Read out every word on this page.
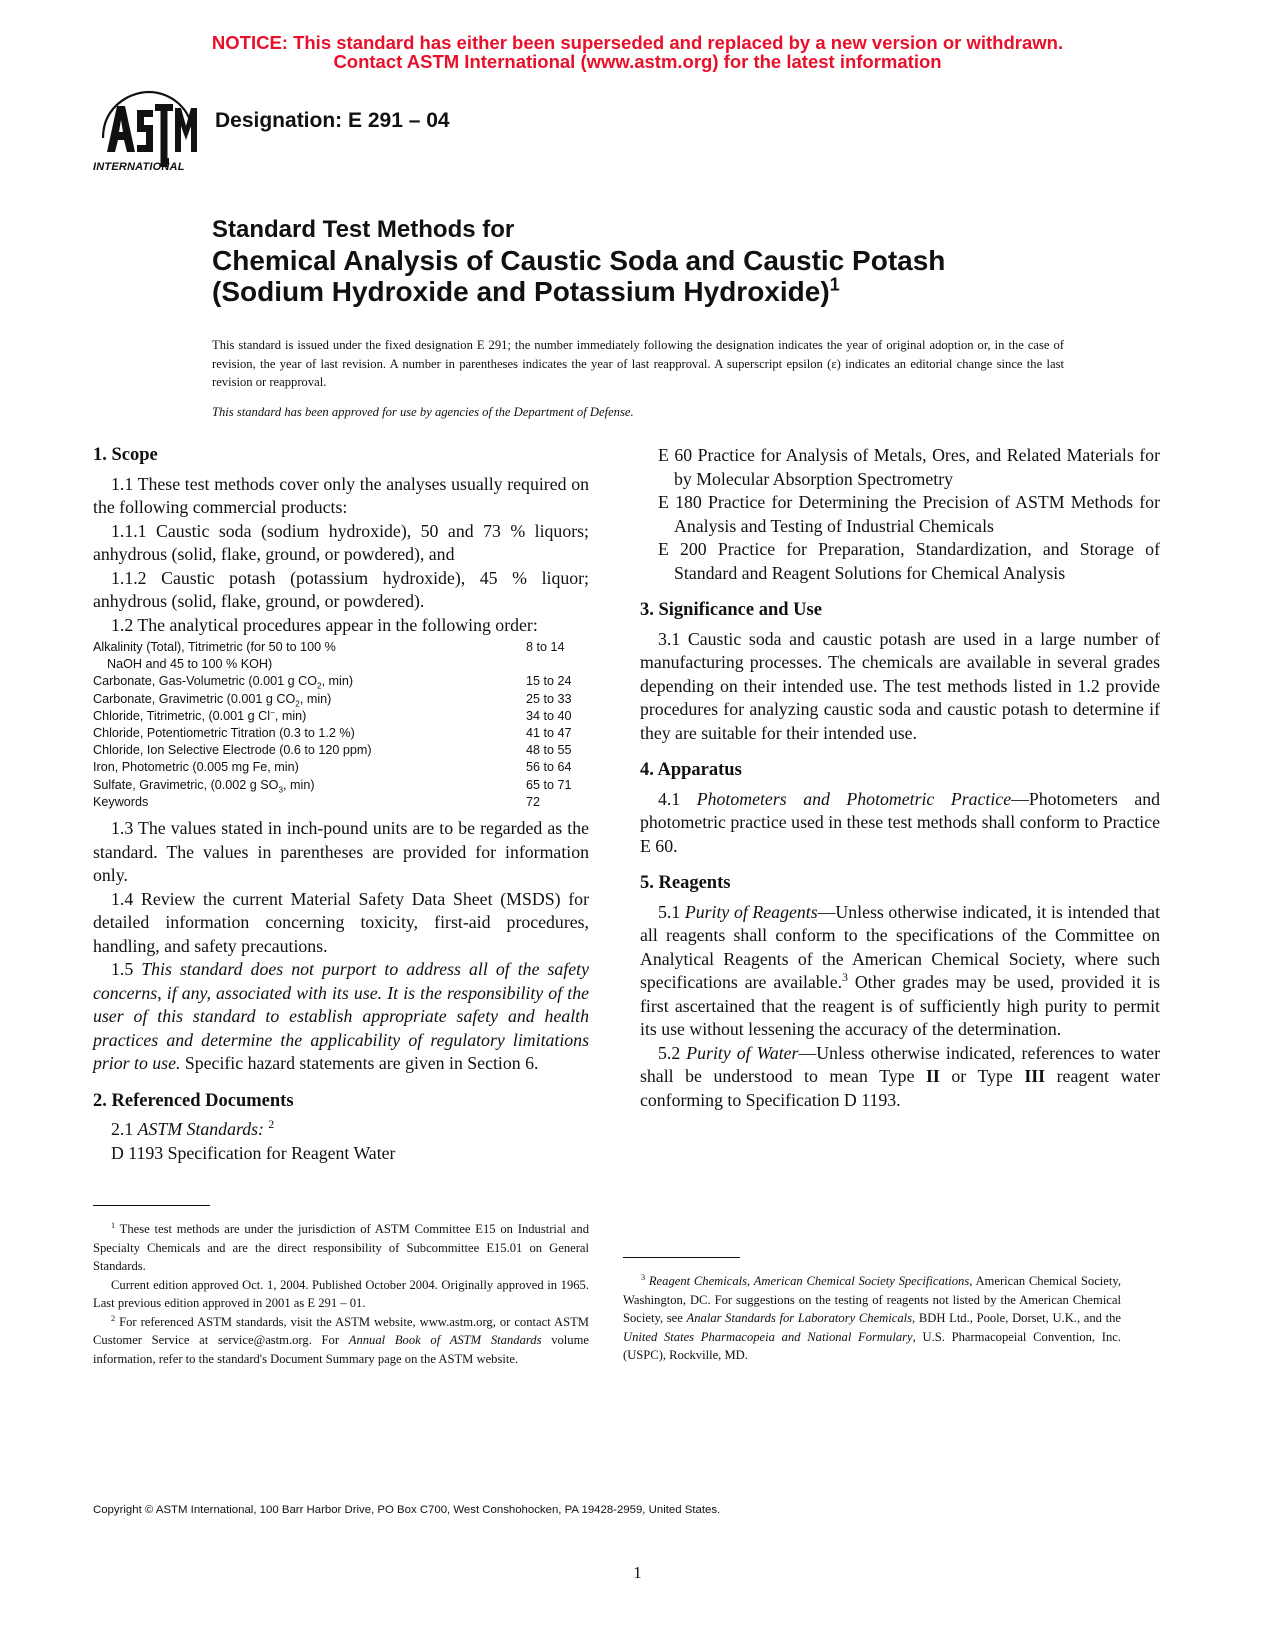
NOTICE: This standard has either been superseded and replaced by a new version or withdrawn.
Contact ASTM International (www.astm.org) for the latest information
INTERNATIONAL
Designation: E 291 – 04
Standard Test Methods for
Chemical Analysis of Caustic Soda and Caustic Potash
(Sodium Hydroxide and Potassium Hydroxide)$^1$
This standard is issued under the fixed designation E 291; the number immediately following the designation indicates the year of original adoption or, in the case of revision, the year of last revision. A number in parentheses indicates the year of last reapproval. A superscript epsilon (ε) indicates an editorial change since the last revision or reapproval.
This standard has been approved for use by agencies of the Department of Defense.

1. Scope

1.1 These test methods cover only the analyses usually required on the following commercial products:

1.1.1 Caustic soda (sodium hydroxide), 50 and 73 % liquors; anhydrous (solid, flake, ground, or powdered), and

1.1.2 Caustic potash (potassium hydroxide), 45 % liquor; anhydrous (solid, flake, ground, or powdered).

1.2 The analytical procedures appear in the following order:

Alkalinity (Total), Titrimetric (for 50 to 100 %	8 to 14
NaOH and 45 to 100 % KOH)
Carbonate, Gas-Volumetric (0.001 g $CO_2$, min)	15 to 24
Carbonate, Gravimetric (0.001 g $CO_2$, min)	25 to 33
Chloride, Titrimetric, (0.001 g Cl−, min)	34 to 40
Chloride, Potentiometric Titration (0.3 to 1.2 %)	41 to 47
Chloride, Ion Selective Electrode (0.6 to 120 ppm)	48 to 55
Iron, Photometric (0.005 mg Fe, min)	56 to 64
Sulfate, Gravimetric, (0.002 g $SO_3$, min)	65 to 71
Keywords	72

1.3 The values stated in inch-pound units are to be regarded as the standard. The values in parentheses are provided for information only.

1.4 Review the current Material Safety Data Sheet (MSDS) for detailed information concerning toxicity, first-aid procedures, handling, and safety precautions.

1.5 This standard does not purport to address all of the safety concerns, if any, associated with its use. It is the responsibility of the user of this standard to establish appropriate safety and health practices and determine the applicability of regulatory limitations prior to use. Specific hazard statements are given in Section 6.

2. Referenced Documents

2.1 ASTM Standards: $^2$

D 1193 Specification for Reagent Water

E 60 Practice for Analysis of Metals, Ores, and Related Materials for by Molecular Absorption Spectrometry

E 180 Practice for Determining the Precision of ASTM Methods for Analysis and Testing of Industrial Chemicals

E 200 Practice for Preparation, Standardization, and Storage of Standard and Reagent Solutions for Chemical Analysis

3. Significance and Use

3.1 Caustic soda and caustic potash are used in a large number of manufacturing processes. The chemicals are available in several grades depending on their intended use. The test methods listed in 1.2 provide procedures for analyzing caustic soda and caustic potash to determine if they are suitable for their intended use.

4. Apparatus

4.1 Photometers and Photometric Practice—Photometers and photometric practice used in these test methods shall conform to Practice E 60.

5. Reagents

5.1 Purity of Reagents—Unless otherwise indicated, it is intended that all reagents shall conform to the specifications of the Committee on Analytical Reagents of the American Chemical Society, where such specifications are available.$^3$ Other grades may be used, provided it is first ascertained that the reagent is of sufficiently high purity to permit its use without lessening the accuracy of the determination.

5.2 Purity of Water—Unless otherwise indicated, references to water shall be understood to mean Type II or Type III reagent water conforming to Specification D 1193.

$^1$ These test methods are under the jurisdiction of ASTM Committee E15 on Industrial and Specialty Chemicals and are the direct responsibility of Subcommittee E15.01 on General Standards.

Current edition approved Oct. 1, 2004. Published October 2004. Originally approved in 1965. Last previous edition approved in 2001 as E 291 – 01.

$^2$ For referenced ASTM standards, visit the ASTM website, www.astm.org, or contact ASTM Customer Service at service@astm.org. For Annual Book of ASTM Standards volume information, refer to the standard's Document Summary page on the ASTM website.

$^3$ Reagent Chemicals, American Chemical Society Specifications, American Chemical Society, Washington, DC. For suggestions on the testing of reagents not listed by the American Chemical Society, see Analar Standards for Laboratory Chemicals, BDH Ltd., Poole, Dorset, U.K., and the United States Pharmacopeia and National Formulary, U.S. Pharmacopeial Convention, Inc. (USPC), Rockville, MD.

Copyright © ASTM International, 100 Barr Harbor Drive, PO Box C700, West Conshohocken, PA 19428-2959, United States.
1
